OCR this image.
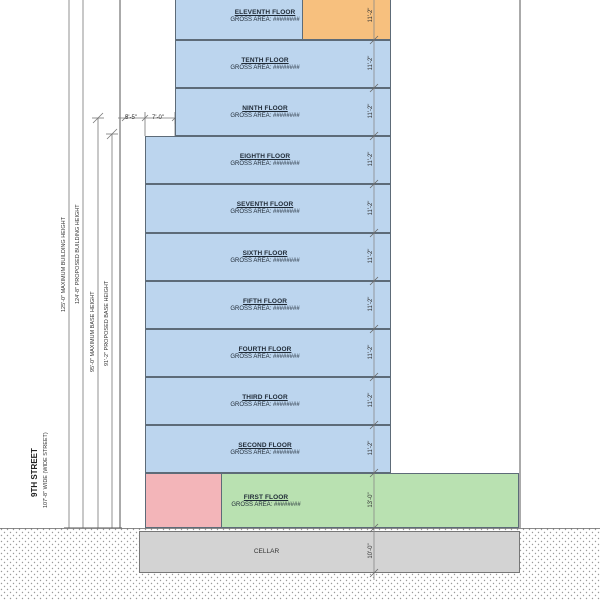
125'-0" MAXIMUM BUILDING HEIGHT 124'-8" PROPOSED BUILDING HEIGHT
95'-0" MAXIMUM BASE HEIGHT 91'-2" PROPOSED BASE HEIGHT
5'-5"	7'-0"
9TH STREET 107'-8" WIDE (WIDE STREET)
ELEVENTH FLOOR
GROSS AREA: ########
TENTH FLOOR
GROSS AREA: ########
NINTH FLOOR
GROSS AREA: ########
EIGHTH FLOOR
GROSS AREA: ########
SEVENTH FLOOR
GROSS AREA: ########
SIXTH FLOOR
GROSS AREA: ########
FIFTH FLOOR
GROSS AREA: ########
FOURTH FLOOR
GROSS AREA: ########
THIRD FLOOR
GROSS AREA: ########
SECOND FLOOR
GROSS AREA: ########
FIRST FLOOR
GROSS AREA: ########
CELLAR
11'-2"
11'-2"
11'-2"
11'-2"
11'-2"
11'-2"
11'-2"
11'-2"
11'-2"
11'-2"
13'-0"
10'-0"
